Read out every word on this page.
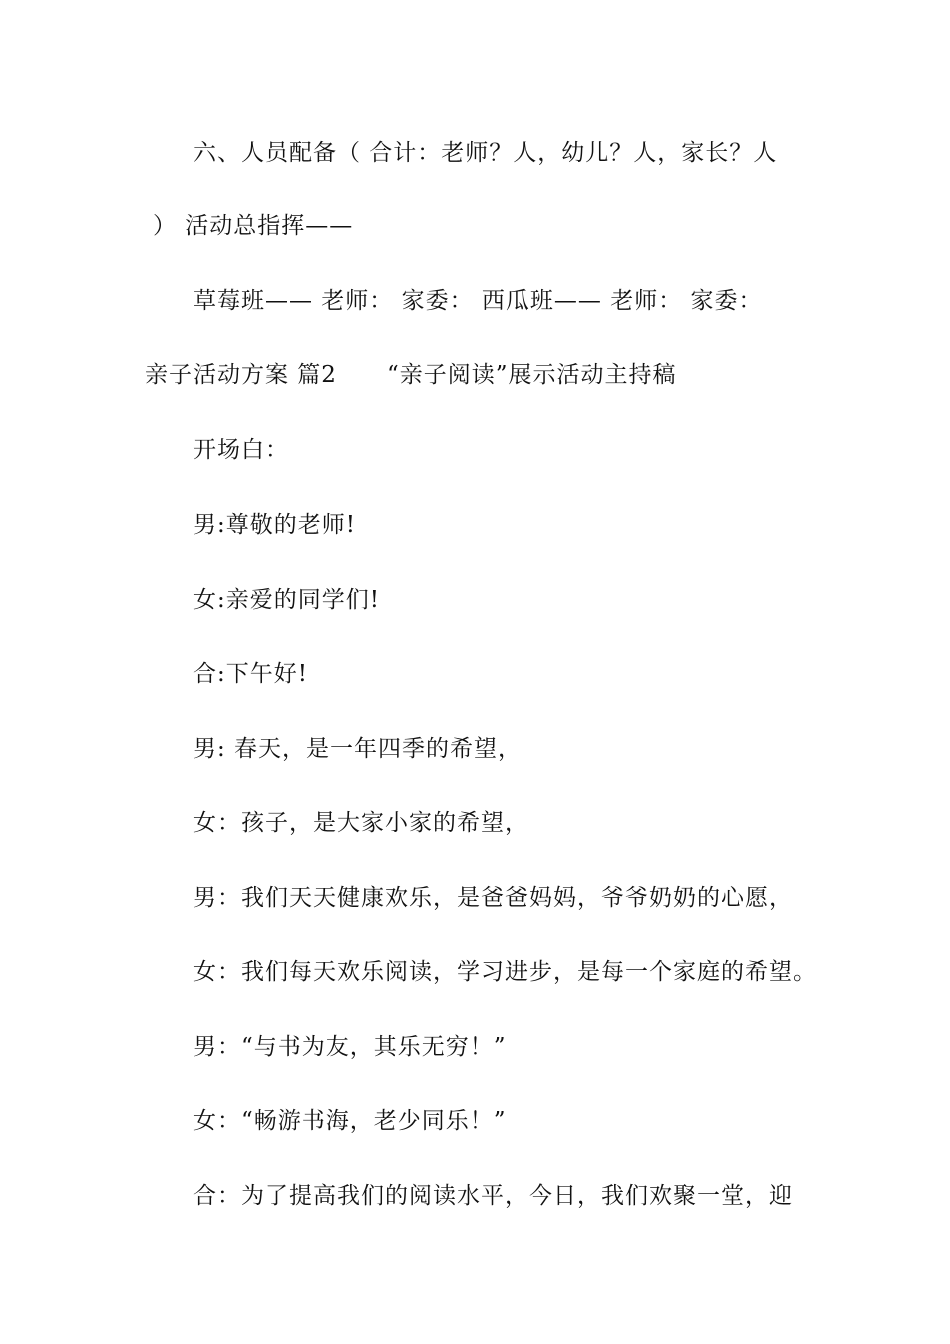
六、人员配备（ 合计：老师？人，幼儿？人，家长？人
） 活动总指挥——
草莓班—— 老师： 家委： 西瓜班—— 老师： 家委：
亲子活动方案 篇2 “亲子阅读”展示活动主持稿
开场白：
男:尊敬的老师!
女:亲爱的同学们!
合:下午好!
男: 春天，是一年四季的希望，
女：孩子，是大家小家的希望，
男：我们天天健康欢乐，是爸爸妈妈，爷爷奶奶的心愿，
女：我们每天欢乐阅读，学习进步，是每一个家庭的希望。
男：“与书为友，其乐无穷！”
女：“畅游书海，老少同乐！”
合：为了提高我们的阅读水平，今日，我们欢聚一堂，迎
